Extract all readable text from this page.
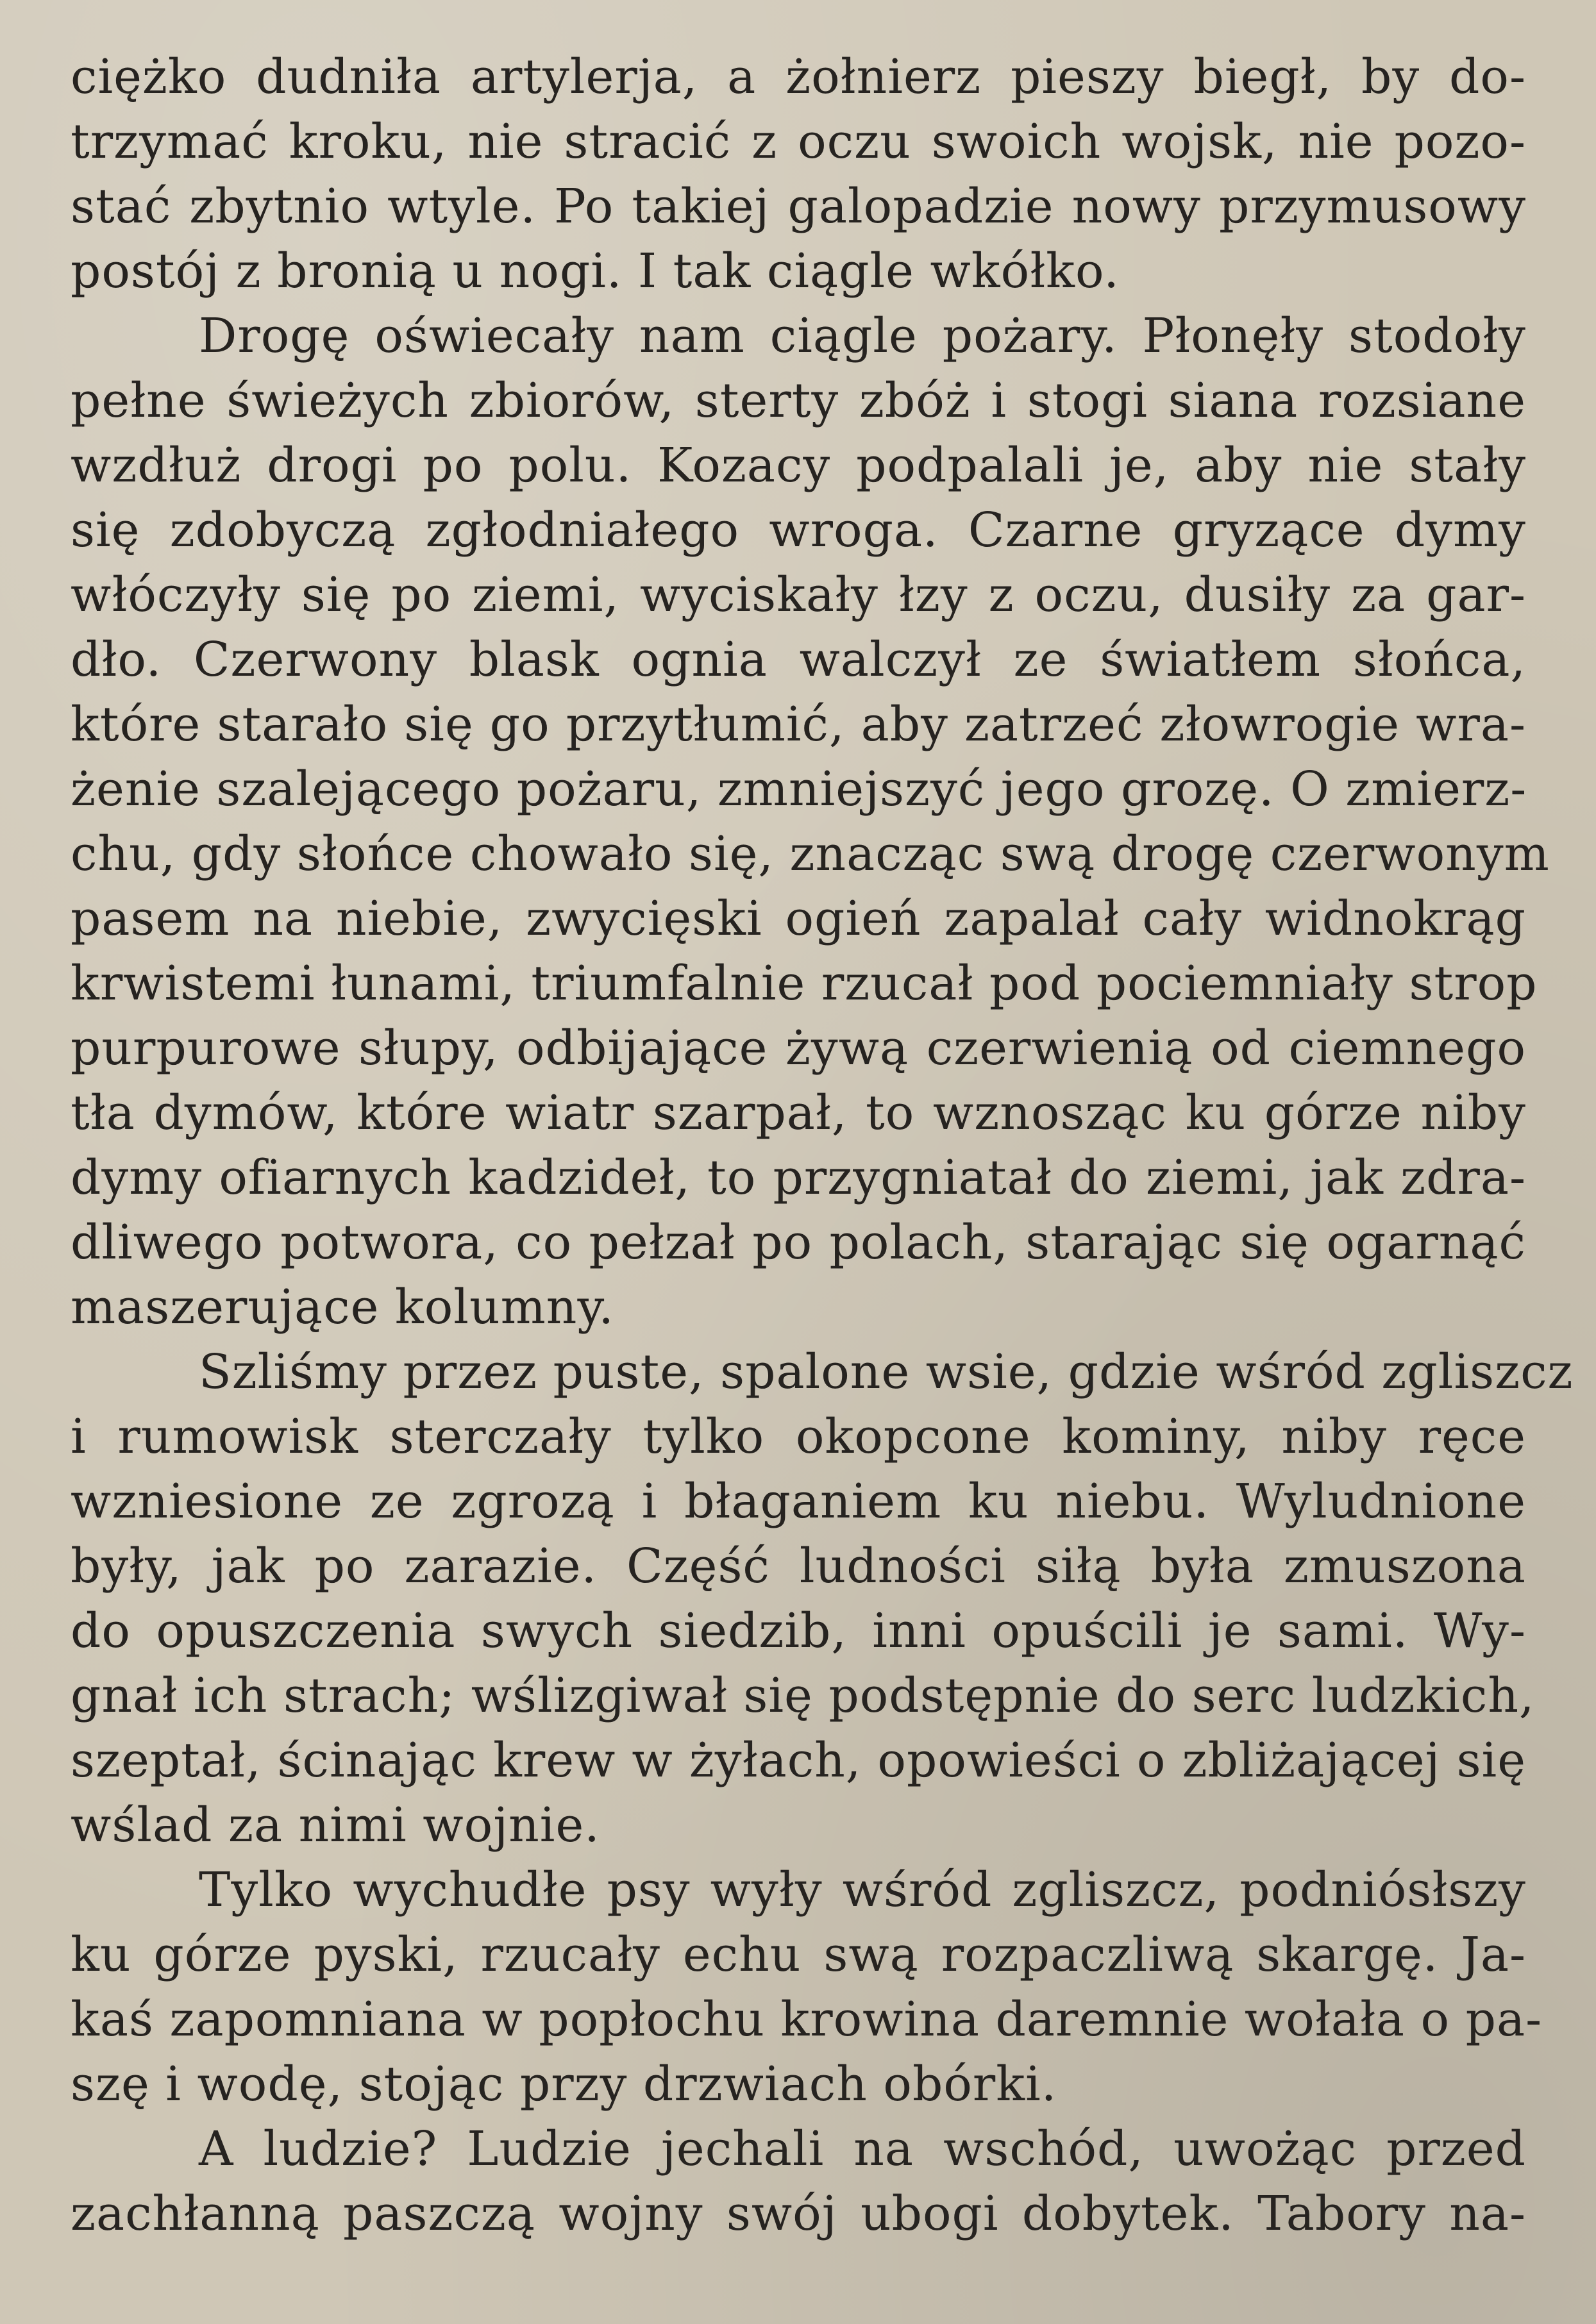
ciężko dudniła artylerja, a żołnierz pieszy biegł, by do-
trzymać kroku, nie stracić z oczu swoich wojsk, nie pozo-
stać zbytnio wtyle. Po takiej galopadzie nowy przymusowy
postój z bronią u nogi. I tak ciągle wkółko.
Drogę oświecały nam ciągle pożary. Płonęły stodoły
pełne świeżych zbiorów, sterty zbóż i stogi siana rozsiane
wzdłuż drogi po polu. Kozacy podpalali je, aby nie stały
się zdobyczą zgłodniałego wroga. Czarne gryzące dymy
włóczyły się po ziemi, wyciskały łzy z oczu, dusiły za gar-
dło. Czerwony blask ognia walczył ze światłem słońca,
które starało się go przytłumić, aby zatrzeć złowrogie wra-
żenie szalejącego pożaru, zmniejszyć jego grozę. O zmierz-
chu, gdy słońce chowało się, znacząc swą drogę czerwonym
pasem na niebie, zwycięski ogień zapalał cały widnokrąg
krwistemi łunami, triumfalnie rzucał pod pociemniały strop
purpurowe słupy, odbijające żywą czerwienią od ciemnego
tła dymów, które wiatr szarpał, to wznosząc ku górze niby
dymy ofiarnych kadzideł, to przygniatał do ziemi, jak zdra-
dliwego potwora, co pełzał po polach, starając się ogarnąć
maszerujące kolumny.
Szliśmy przez puste, spalone wsie, gdzie wśród zgliszcz
i rumowisk sterczały tylko okopcone kominy, niby ręce
wzniesione ze zgrozą i błaganiem ku niebu. Wyludnione
były, jak po zarazie. Część ludności siłą była zmuszona
do opuszczenia swych siedzib, inni opuścili je sami. Wy-
gnał ich strach; wślizgiwał się podstępnie do serc ludzkich,
szeptał, ścinając krew w żyłach, opowieści o zbliżającej się
wślad za nimi wojnie.
Tylko wychudłe psy wyły wśród zgliszcz, podniósłszy
ku górze pyski, rzucały echu swą rozpaczliwą skargę. Ja-
kaś zapomniana w popłochu krowina daremnie wołała o pa-
szę i wodę, stojąc przy drzwiach obórki.
A ludzie? Ludzie jechali na wschód, uwożąc przed
zachłanną paszczą wojny swój ubogi dobytek. Tabory na-
